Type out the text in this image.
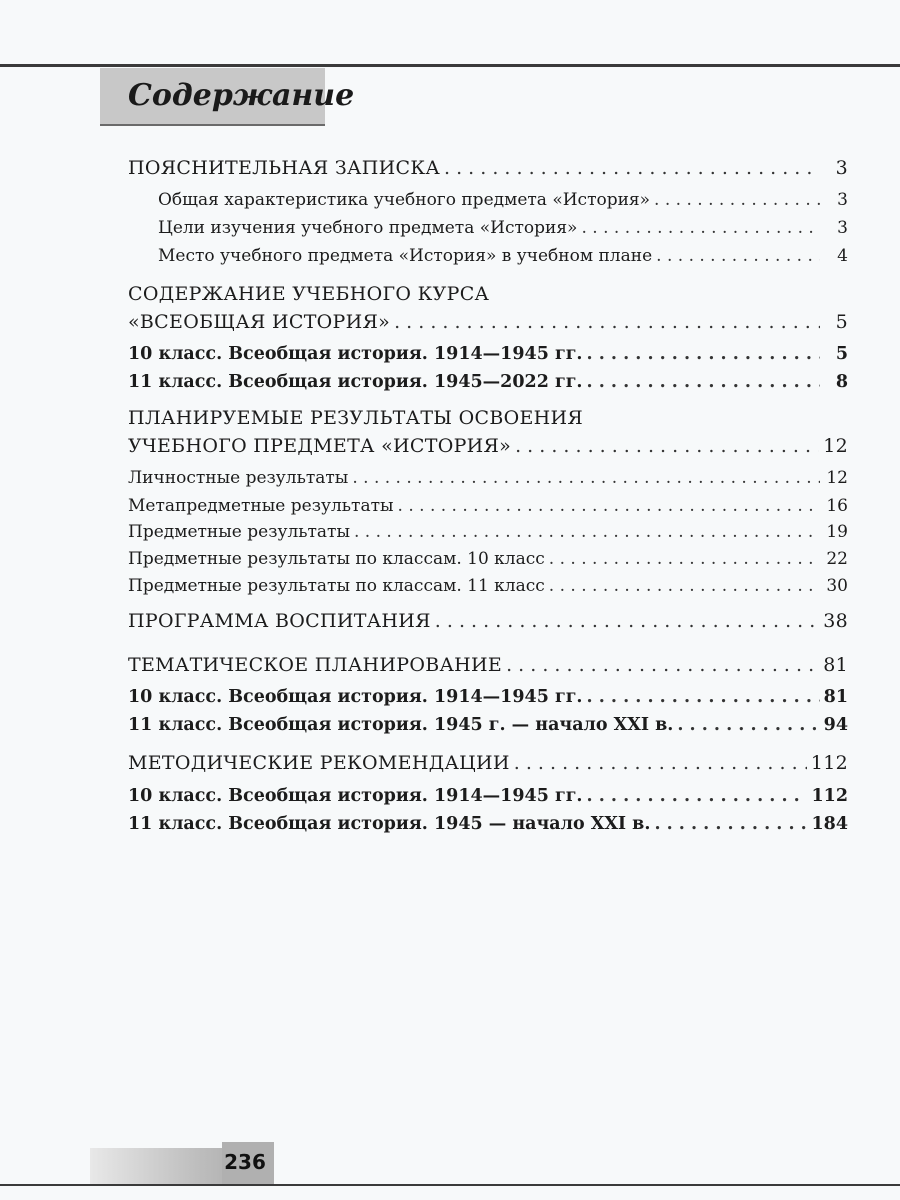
Содержание
ПОЯСНИТЕЛЬНАЯ ЗАПИСКА . . .	3
Общая характеристика учебного предмета «История» . . .	3
Цели изучения учебного предмета «История» . . .	3
Место учебного предмета «История» в учебном плане . . .	4
СОДЕРЖАНИЕ УЧЕБНОГО КУРСА
«ВСЕОБЩАЯ ИСТОРИЯ» . . .	5
10 класс. Всеобщая история. 1914—1945 гг. . . .	5
11 класс. Всеобщая история. 1945—2022 гг. . . .	8
ПЛАНИРУЕМЫЕ РЕЗУЛЬТАТЫ ОСВОЕНИЯ
УЧЕБНОГО ПРЕДМЕТА «ИСТОРИЯ» . . .	12
Личностные результаты . . .	12
Метапредметные результаты . . .	16
Предметные результаты . . .	19
Предметные результаты по классам. 10 класс . . .	22
Предметные результаты по классам. 11 класс . . .	30
ПРОГРАММА ВОСПИТАНИЯ . . .	38
ТЕМАТИЧЕСКОЕ ПЛАНИРОВАНИЕ . . .	81
10 класс. Всеобщая история. 1914—1945 гг. . . .	81
11 класс. Всеобщая история. 1945 г. — начало XXI в. . . .	94
МЕТОДИЧЕСКИЕ РЕКОМЕНДАЦИИ . . .	112
10 класс. Всеобщая история. 1914—1945 гг. . . .	112
11 класс. Всеобщая история. 1945 — начало XXI в. . . .	184
236
